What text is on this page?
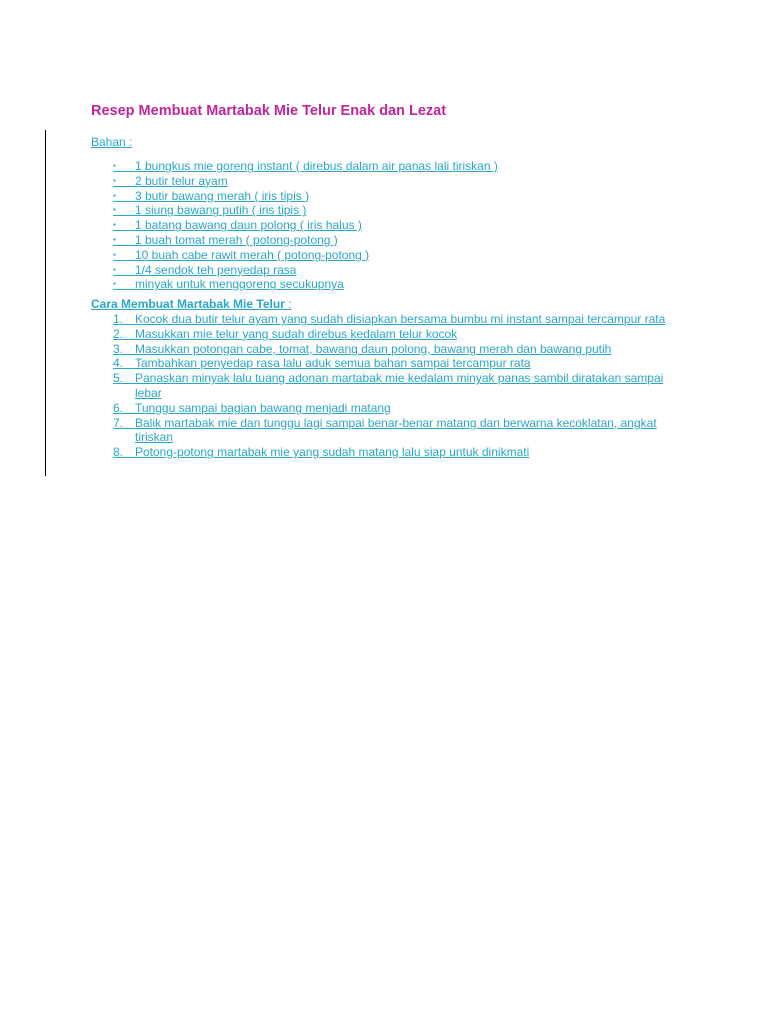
Resep Membuat Martabak Mie Telur Enak dan Lezat
Bahan :
▪ 1 bungkus mie goreng instant ( direbus dalam air panas lali tiriskan )
▪ 2 butir telur ayam
▪ 3 butir bawang merah ( iris tipis )
▪ 1 siung bawang putih ( iris tipis )
▪ 1 batang bawang daun polong ( iris halus )
▪ 1 buah tomat merah ( potong-potong )
▪ 10 buah cabe rawit merah ( potong-potong )
▪ 1/4 sendok teh penyedap rasa
▪ minyak untuk menggoreng secukupnya
Cara Membuat Martabak Mie Telur :
1. Kocok dua butir telur ayam yang sudah disiapkan bersama bumbu mi instant sampai tercampur rata
2. Masukkan mie telur yang sudah direbus kedalam telur kocok
3. Masukkan potongan cabe, tomat, bawang daun polong, bawang merah dan bawang putih
4. Tambahkan penyedap rasa lalu aduk semua bahan sampai tercampur rata
5. Panaskan minyak lalu tuang adonan martabak mie kedalam minyak panas sambil diratakan sampai lebar
6. Tunggu sampai bagian bawang menjadi matang
7. Balik martabak mie dan tunggu lagi sampai benar-benar matang dan berwarna kecoklatan, angkat tiriskan
8. Potong-potong martabak mie yang sudah matang lalu siap untuk dinikmati
